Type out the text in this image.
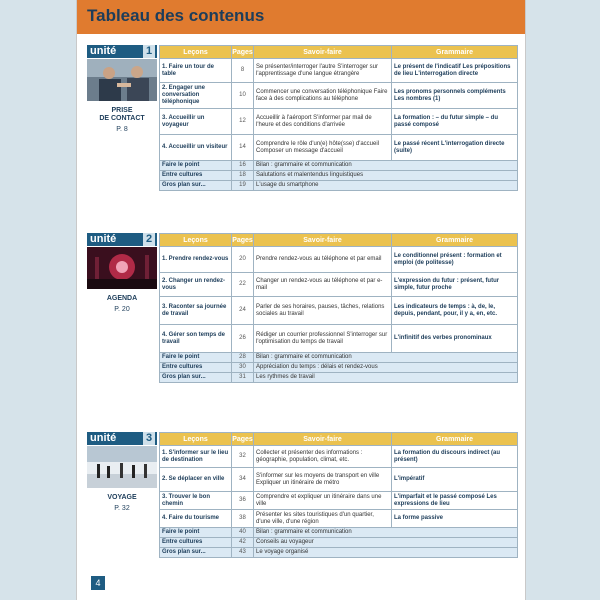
Tableau des contenus
unité	1
PRISE
DE CONTACT
P. 8
Leçons	Pages	Savoir-faire	Grammaire
1. Faire un tour de table	8	Se présenter/interroger l'autre S'interroger sur l'apprentissage d'une langue étrangère	Le présent de l'indicatif Les prépositions de lieu L'interrogation directe
2. Engager une conversation téléphonique	10	Commencer une conversation téléphonique Faire face à des complications au téléphone	Les pronoms personnels compléments Les nombres (1)
3. Accueillir un voyageur	12	Accueillir à l'aéroport S'informer par mail de l'heure et des conditions d'arrivée	La formation : – du futur simple – du passé composé
4. Accueillir un visiteur	14	Comprendre le rôle d'un(e) hôte(sse) d'accueil Composer un message d'accueil	Le passé récent L'interrogation directe (suite)
Faire le point	16	Bilan : grammaire et communication	
Entre cultures	18	Salutations et malentendus linguistiques	
Gros plan sur...	19	L'usage du smartphone	
unité	2
AGENDA
P. 20
Leçons	Pages	Savoir-faire	Grammaire
1. Prendre rendez-vous	20	Prendre rendez-vous au téléphone et par email	Le conditionnel présent : formation et emploi (de politesse)
2. Changer un rendez-vous	22	Changer un rendez-vous au téléphone et par e-mail	L'expression du futur : présent, futur simple, futur proche
3. Raconter sa journée de travail	24	Parler de ses horaires, pauses, tâches, relations sociales au travail	Les indicateurs de temps : à, de, le, depuis, pendant, pour, il y a, en, etc.
4. Gérer son temps de travail	26	Rédiger un courrier professionnel S'interroger sur l'optimisation du temps de travail	L'infinitif des verbes pronominaux
Faire le point	28	Bilan : grammaire et communication	
Entre cultures	30	Appréciation du temps : délais et rendez-vous	
Gros plan sur...	31	Les rythmes de travail	
unité	3
VOYAGE
P. 32
Leçons	Pages	Savoir-faire	Grammaire
1. S'informer sur le lieu de destination	32	Collecter et présenter des informations : géographie, population, climat, etc.	La formation du discours indirect (au présent)
2. Se déplacer en ville	34	S'informer sur les moyens de transport en ville Expliquer un itinéraire de métro	L'impératif
3. Trouver le bon chemin	36	Comprendre et expliquer un itinéraire dans une ville	L'imparfait et le passé composé Les expressions de lieu
4. Faire du tourisme	38	Présenter les sites touristiques d'un quartier, d'une ville, d'une région	La forme passive
Faire le point	40	Bilan : grammaire et communication	
Entre cultures	42	Conseils au voyageur	
Gros plan sur...	43	Le voyage organisé	
4
